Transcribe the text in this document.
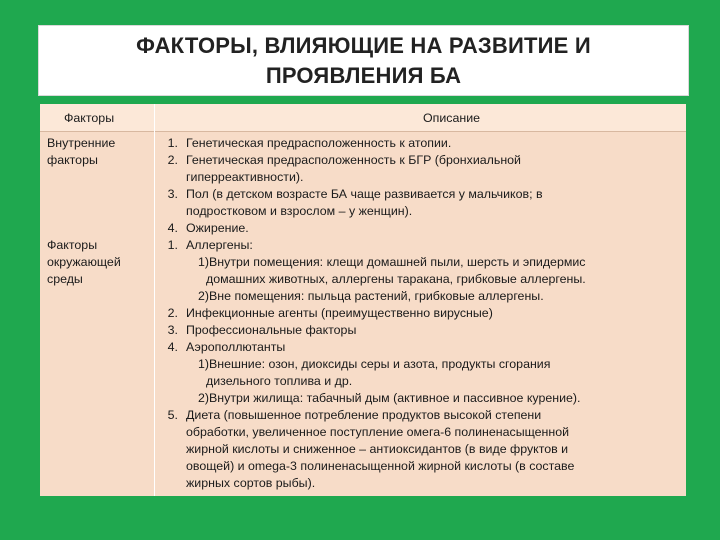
ФАКТОРЫ, ВЛИЯЮЩИЕ НА РАЗВИТИЕ И
ПРОЯВЛЕНИЯ БА
Факторы	Описание
Внутренние
факторы
Факторы
окружающей
среды
1. Генетическая предрасположенность к атопии.
2. Генетическая предрасположенность к БГР (бронхиальной
гиперреактивности).
3. Пол (в детском возрасте БА чаще развивается у мальчиков; в
подростковом и взрослом – у женщин).
4. Ожирение.
1. Аллергены:
1)Внутри помещения: клещи домашней пыли, шерсть и эпидермис
домашних животных, аллергены таракана, грибковые аллергены.
2)Вне помещения: пыльца растений, грибковые аллергены.
2. Инфекционные агенты (преимущественно вирусные)
3. Профессиональные факторы
4. Аэрополлютанты
1)Внешние: озон, диоксиды серы и азота, продукты сгорания
дизельного топлива и др.
2)Внутри жилища: табачный дым (активное и пассивное курение).
5. Диета (повышенное потребление продуктов высокой степени
обработки, увеличенное поступление омега-6 полиненасыщенной
жирной кислоты и сниженное – антиоксидантов (в виде фруктов и
овощей) и omega-3 полиненасыщенной жирной кислоты (в составе
жирных сортов рыбы).
